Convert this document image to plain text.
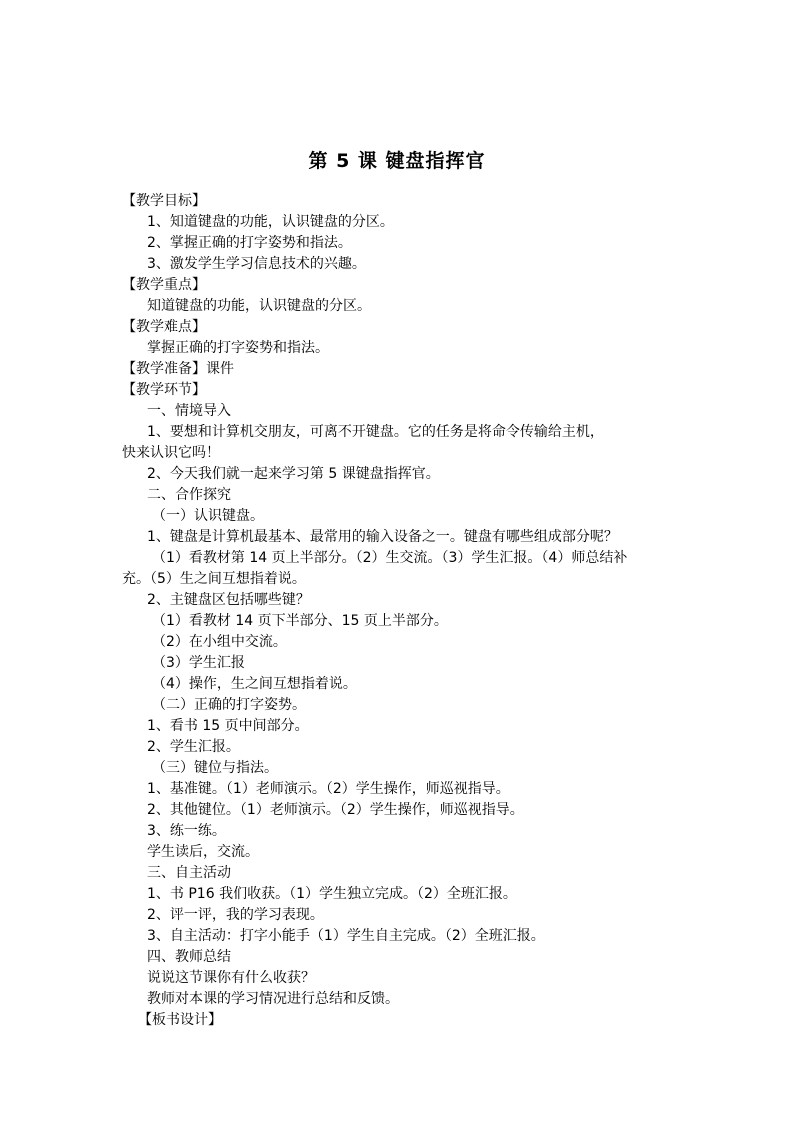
第 5 课 键盘指挥官
【教学目标】
1、知道键盘的功能，认识键盘的分区。
2、掌握正确的打字姿势和指法。
3、激发学生学习信息技术的兴趣。
【教学重点】
知道键盘的功能，认识键盘的分区。
【教学难点】
掌握正确的打字姿势和指法。
【教学准备】课件
【教学环节】
一、情境导入
1、要想和计算机交朋友，可离不开键盘。它的任务是将命令传输给主机，
快来认识它吗！
2、今天我们就一起来学习第 5 课键盘指挥官。
二、合作探究
（一）认识键盘。
1、键盘是计算机最基本、最常用的输入设备之一。键盘有哪些组成部分呢？
（1）看教材第 14 页上半部分。（2）生交流。（3）学生汇报。（4）师总结补
充。（5）生之间互想指着说。
2、主键盘区包括哪些键？
（1）看教材 14 页下半部分、15 页上半部分。
（2）在小组中交流。
（3）学生汇报
（4）操作，生之间互想指着说。
（二）正确的打字姿势。
1、看书 15 页中间部分。
2、学生汇报。
（三）键位与指法。
1、基准键。（1）老师演示。（2）学生操作，师巡视指导。
2、其他键位。（1）老师演示。（2）学生操作，师巡视指导。
3、练一练。
学生读后，交流。
三、自主活动
1、书 P16 我们收获。（1）学生独立完成。（2）全班汇报。
2、评一评，我的学习表现。
3、自主活动：打字小能手（1）学生自主完成。（2）全班汇报。
四、教师总结
说说这节课你有什么收获？
教师对本课的学习情况进行总结和反馈。
【板书设计】
